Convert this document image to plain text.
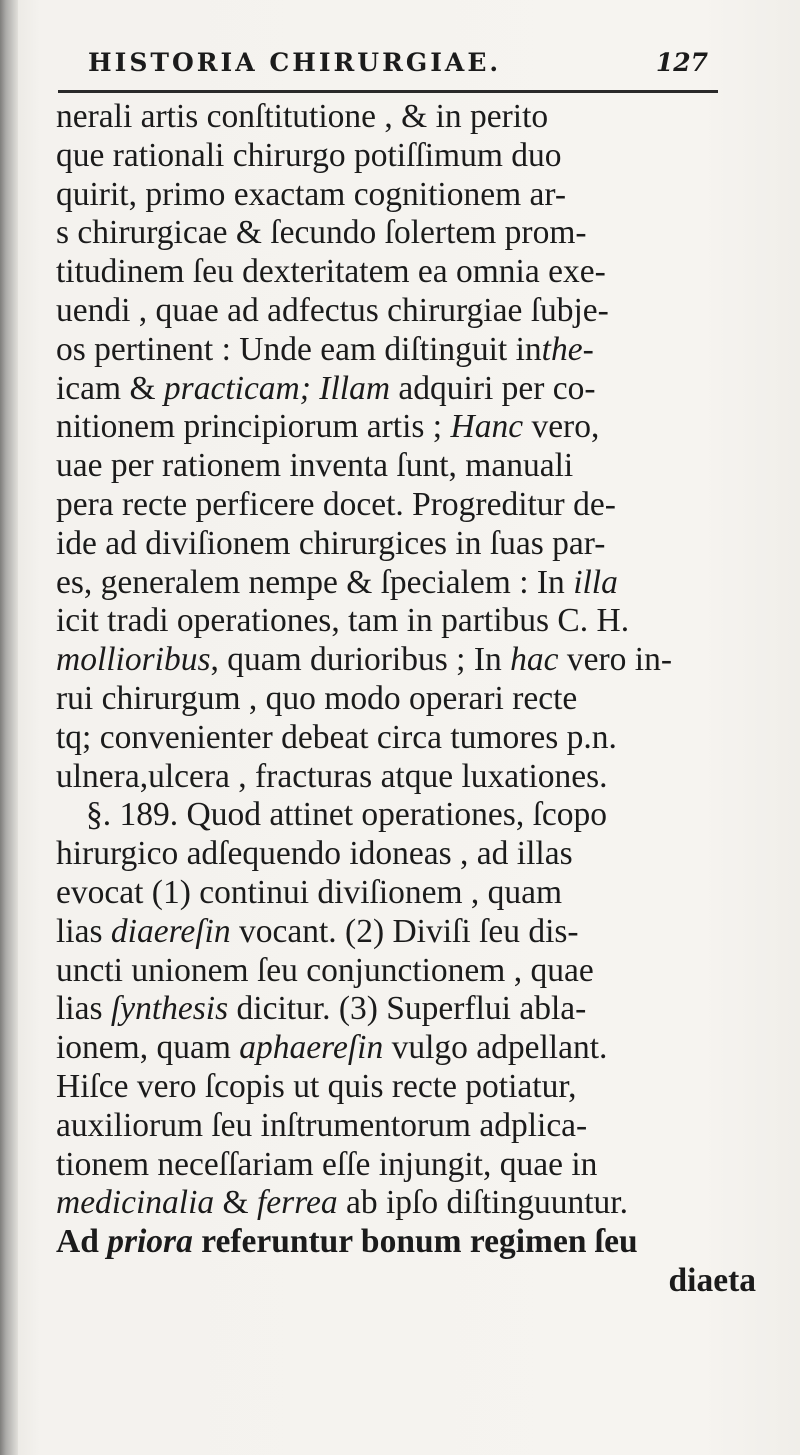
HISTORIA CHIRURGIAE.	127
nerali artis conſtitutione , & in perito
que rationali chirurgo potiſſimum duo
quirit, primo exactam cognitionem ar-
s chirurgicae & ſecundo ſolertem prom-
titudinem ſeu dexteritatem ea omnia exe-
uendi , quae ad adfectus chirurgiae ſubje-
os pertinent : Unde eam diſtinguit inthe-
icam & practicam; Illam adquiri per co-
nitionem principiorum artis ; Hanc vero,
uae per rationem inventa ſunt, manuali
pera recte perficere docet. Progreditur de-
ide ad diviſionem chirurgices in ſuas par-
es, generalem nempe & ſpecialem : In illa
icit tradi operationes, tam in partibus C. H.
mollioribus, quam durioribus ; In hac vero in-
rui chirurgum , quo modo operari recte
tq; convenienter debeat circa tumores p.n.
ulnera,ulcera , fracturas atque luxationes.
§. 189. Quod attinet operationes, ſcopo
hirurgico adſequendo idoneas , ad illas
evocat (1) continui diviſionem , quam
lias diaereſin vocant. (2) Diviſi ſeu dis-
uncti unionem ſeu conjunctionem , quae
lias ſynthesis dicitur. (3) Superflui abla-
ionem, quam aphaereſin vulgo adpellant.
Hiſce vero ſcopis ut quis recte potiatur,
auxiliorum ſeu inſtrumentorum adplica-
tionem neceſſariam eſſe injungit, quae in
medicinalia & ferrea ab ipſo diſtinguuntur.
Ad priora referuntur bonum regimen ſeu
diaeta
